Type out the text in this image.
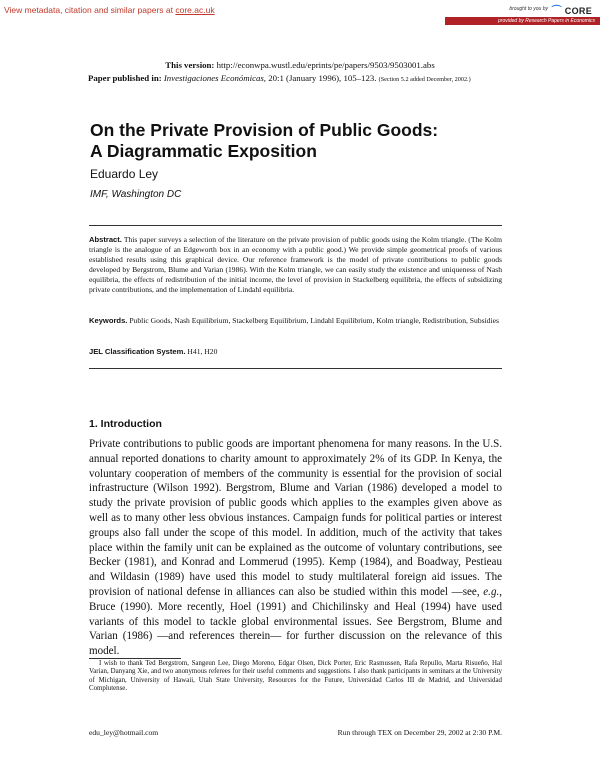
View metadata, citation and similar papers at core.ac.uk	brought to you by ⌒ CORE
provided by Research Papers in Economics
This version: http://econwpa.wustl.edu/eprints/pe/papers/9503/9503001.abs
Paper published in: Investigaciones Económicas, 20:1 (January 1996), 105–123. (Section 5.2 added December, 2002.)
On the Private Provision of Public Goods:
A Diagrammatic Exposition
Eduardo Ley
IMF, Washington DC
Abstract. This paper surveys a selection of the literature on the private provision of public goods using the Kolm triangle. (The Kolm triangle is the analogue of an Edgeworth box in an economy with a public good.) We provide simple geometrical proofs of various established results using this graphical device. Our reference framework is the model of private contributions to public goods developed by Bergstrom, Blume and Varian (1986). With the Kolm triangle, we can easily study the existence and uniqueness of Nash equilibria, the effects of redistribution of the initial income, the level of provision in Stackelberg equilibria, the effects of subsidizing private contributions, and the implementation of Lindahl equilibria.
Keywords. Public Goods, Nash Equilibrium, Stackelberg Equilibrium, Lindahl Equilibrium, Kolm triangle, Redistribution, Subsidies
JEL Classification System. H41, H20
1. Introduction
Private contributions to public goods are important phenomena for many reasons. In the U.S. annual reported donations to charity amount to approximately 2% of its GDP. In Kenya, the voluntary cooperation of members of the community is essential for the provision of social infrastructure (Wilson 1992). Bergstrom, Blume and Varian (1986) developed a model to study the private provision of public goods which applies to the examples given above as well as to many other less obvious instances. Campaign funds for political parties or interest groups also fall under the scope of this model. In addition, much of the activity that takes place within the family unit can be explained as the outcome of voluntary contributions, see Becker (1981), and Konrad and Lommerud (1995). Kemp (1984), and Boadway, Pestieau and Wildasin (1989) have used this model to study multilateral foreign aid issues. The provision of national defense in alliances can also be studied within this model —see, e.g., Bruce (1990). More recently, Hoel (1991) and Chichilinsky and Heal (1994) have used variants of this model to tackle global environmental issues. See Bergstrom, Blume and Varian (1986) —and references therein— for further discussion on the relevance of this model.
I wish to thank Ted Bergstrom, Sangeun Lee, Diego Moreno, Edgar Olsen, Dick Porter, Eric Rasmussen, Rafa Repullo, Marta Risueño, Hal Varian, Danyang Xie, and two anonymous referees for their useful comments and suggestions. I also thank participants in seminars at the University of Michigan, University of Hawaii, Utah State University, Resources for the Future, Universidad Carlos III de Madrid, and Universidad Complutense.
edu_ley@hotmail.com	Run through TEX on December 29, 2002 at 2:30 P.M.
